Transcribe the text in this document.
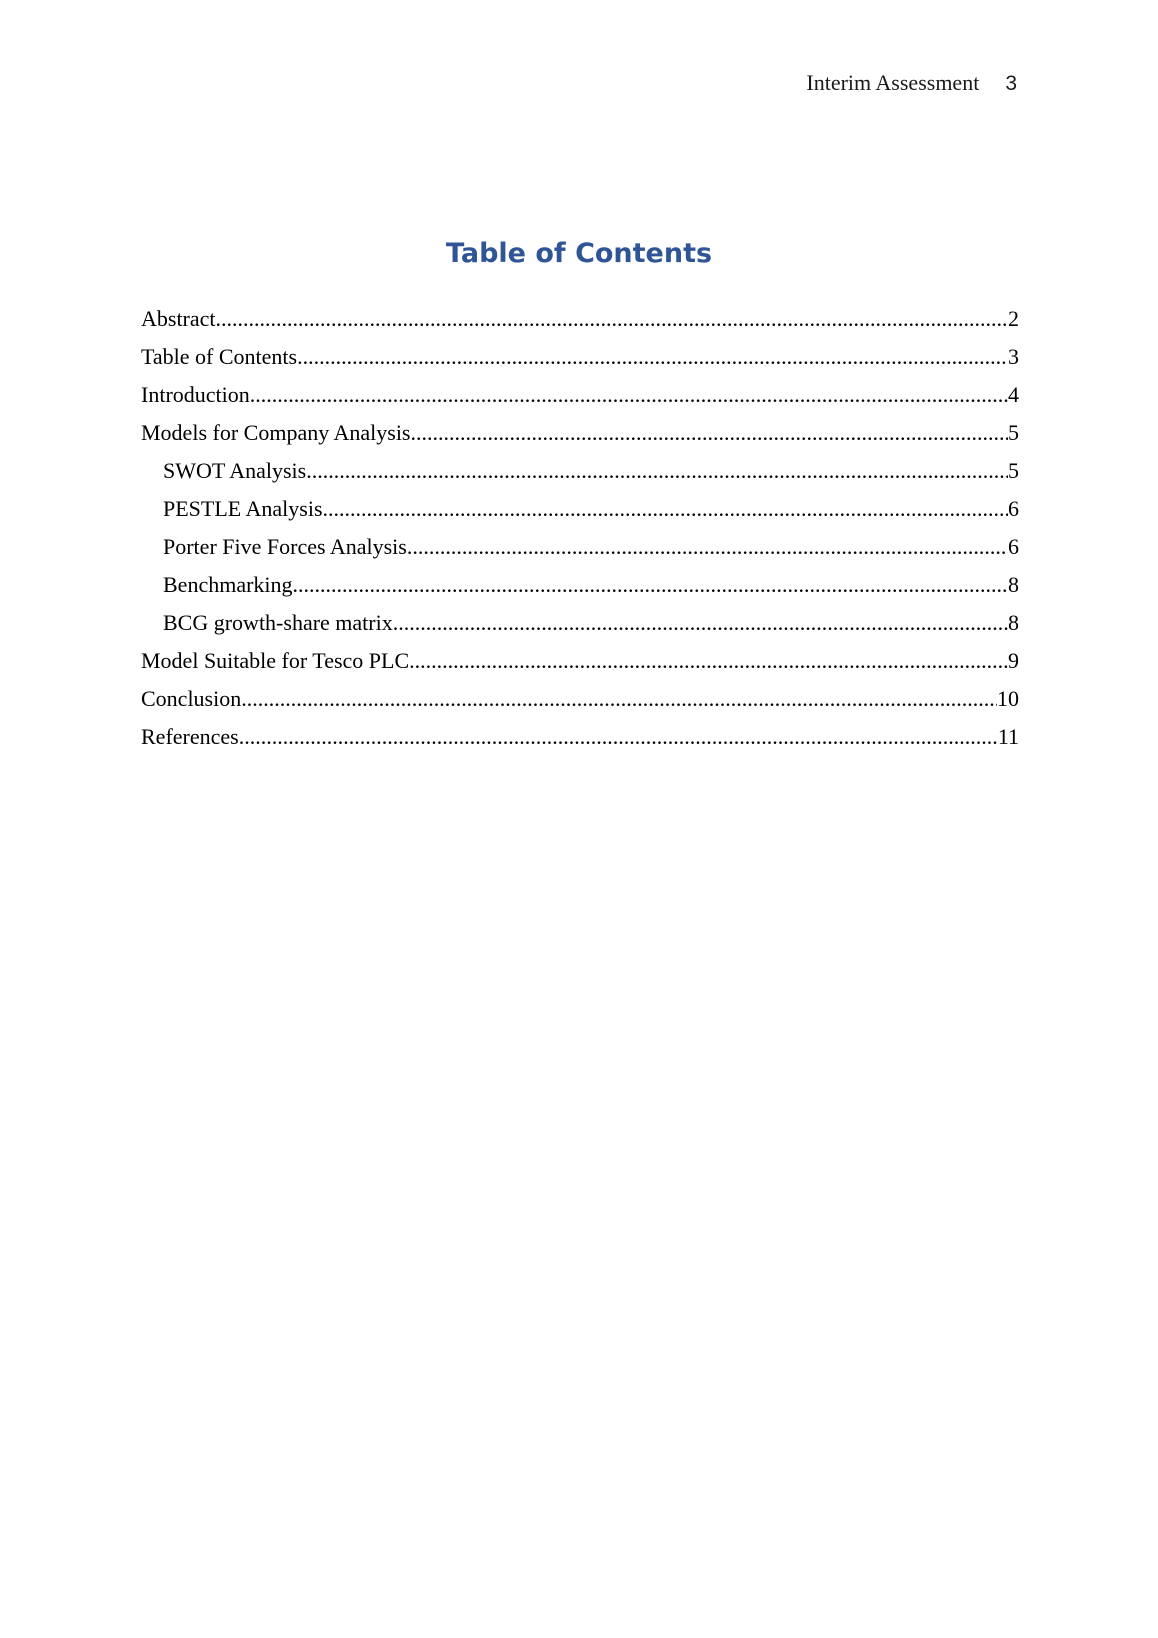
Interim Assessment 3
Table of Contents
Abstract .....	2
Table of Contents .....	3
Introduction .....	4
Models for Company Analysis .....	5
SWOT Analysis .....	5
PESTLE Analysis .....	6
Porter Five Forces Analysis .....	6
Benchmarking .....	8
BCG growth-share matrix .....	8
Model Suitable for Tesco PLC .....	9
Conclusion .....	10
References .....	11
